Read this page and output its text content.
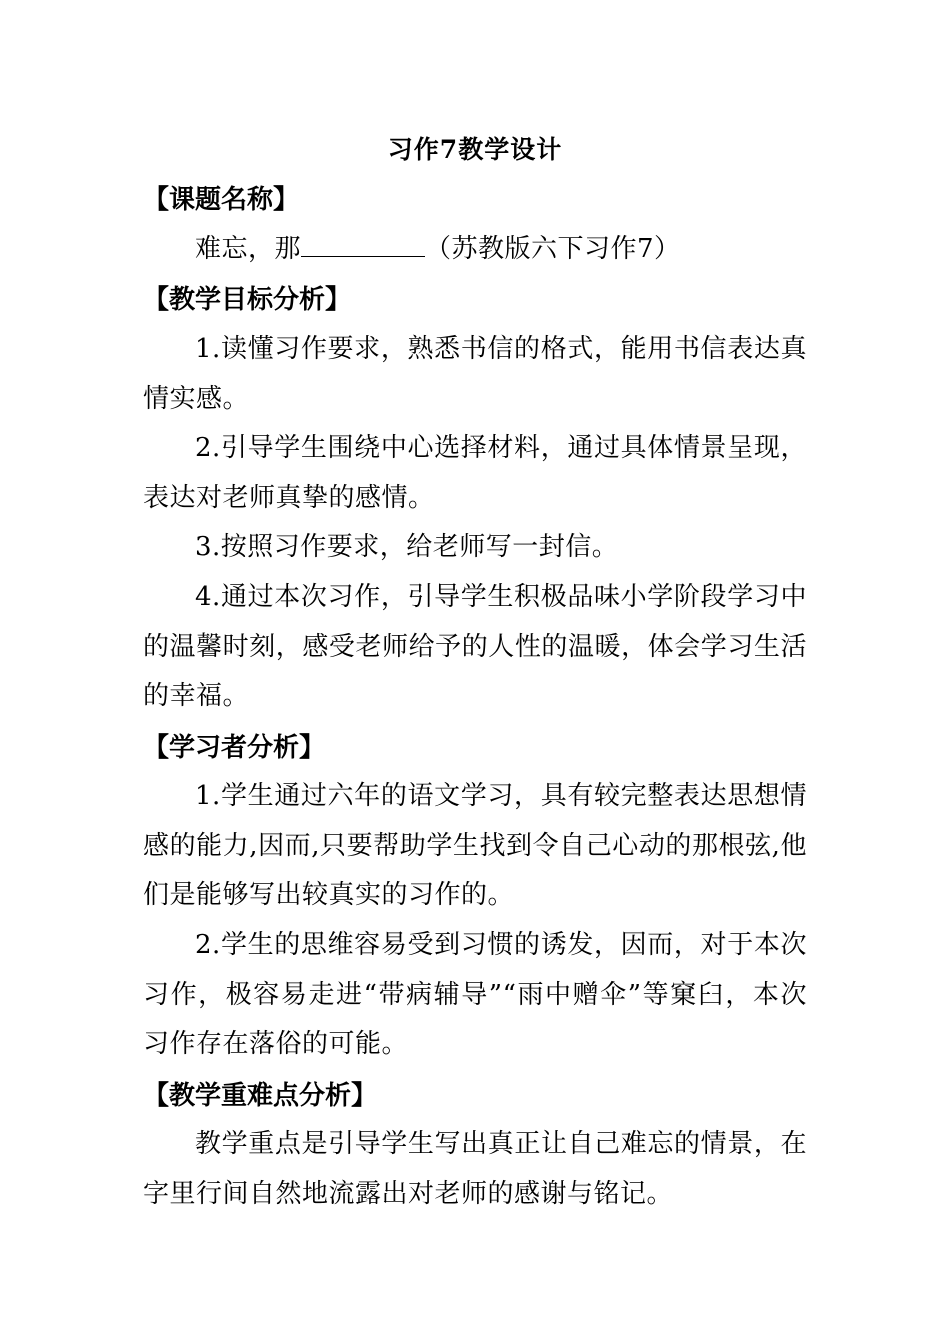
习作7教学设计
【课题名称】
难忘，那	（苏教版六下习作7）
【教学目标分析】
1.读懂习作要求，熟悉书信的格式，能用书信表达真情实感。
2.引导学生围绕中心选择材料，通过具体情景呈现，表达对老师真挚的感情。
3.按照习作要求，给老师写一封信。
4.通过本次习作，引导学生积极品味小学阶段学习中的温馨时刻，感受老师给予的人性的温暖，体会学习生活的幸福。
【学习者分析】
1.学生通过六年的语文学习，具有较完整表达思想情感的能力,因而,只要帮助学生找到令自己心动的那根弦,他们是能够写出较真实的习作的。
2.学生的思维容易受到习惯的诱发，因而，对于本次习作，极容易走进“带病辅导”“雨中赠伞”等窠臼，本次习作存在落俗的可能。
【教学重难点分析】
教学重点是引导学生写出真正让自己难忘的情景，在字里行间自然地流露出对老师的感谢与铭记。
